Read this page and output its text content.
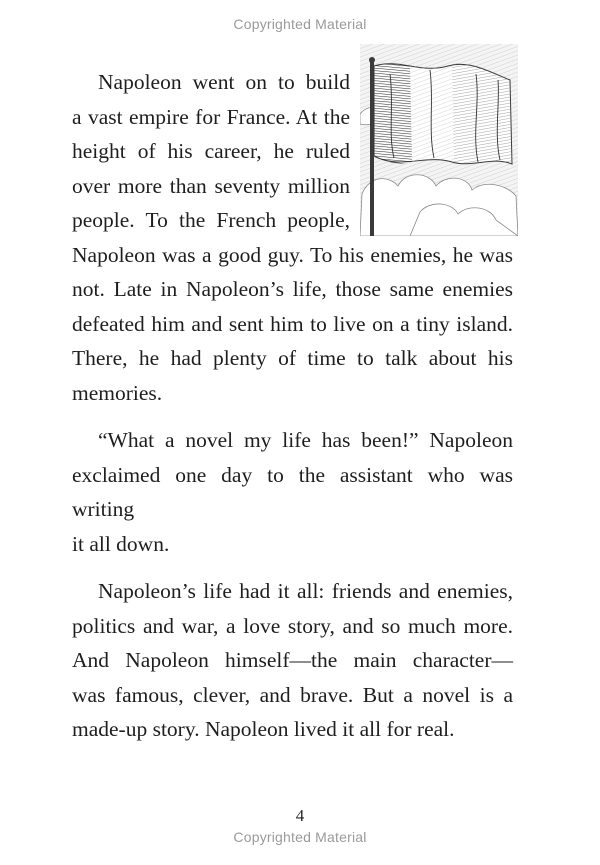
Copyrighted Material

Napoleon went on to build
a vast empire for France. At the
height of his career, he ruled
over more than seventy million
people. To the French people,
Napoleon was a good guy. To his enemies, he was
not. Late in Napoleon’s life, those same enemies
defeated him and sent him to live on a tiny island.
There, he had plenty of time to talk about his
memories.

“What a novel my life has been!” Napoleon
exclaimed one day to the assistant who was writing
it all down.

Napoleon’s life had it all: friends and enemies,
politics and war, a love story, and so much more.
And Napoleon himself—the main character—
was famous, clever, and brave. But a novel is a
made-up story. Napoleon lived it all for real.

4
Copyrighted Material
